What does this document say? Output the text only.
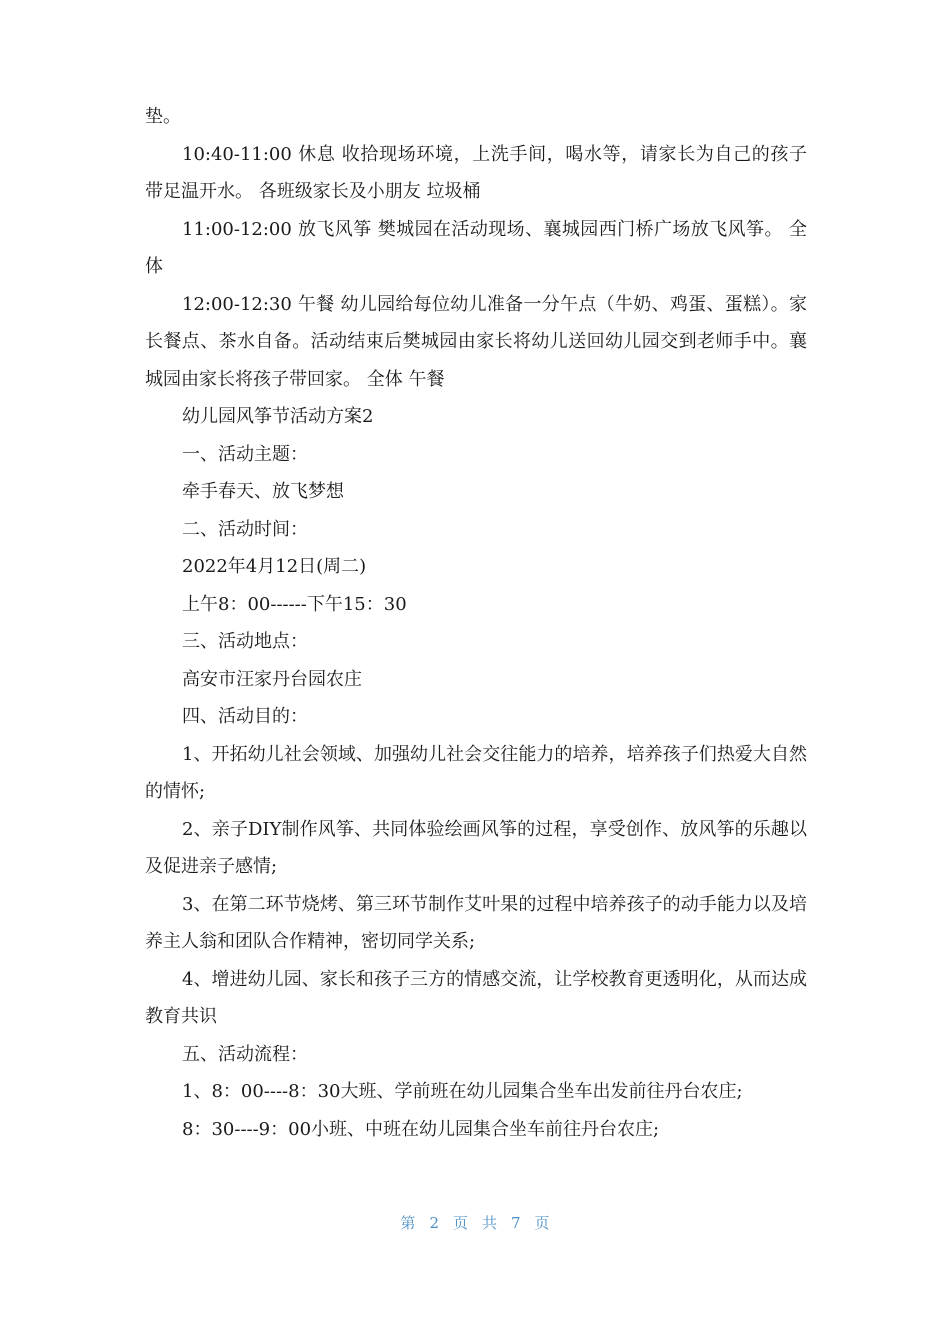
垫。

10:40-11:00 休息 收拾现场环境，上洗手间，喝水等，请家长为自己的孩子带足温开水。 各班级家长及小朋友 垃圾桶

11:00-12:00 放飞风筝 樊城园在活动现场、襄城园西门桥广场放飞风筝。 全体

12:00-12:30 午餐 幼儿园给每位幼儿准备一分午点（牛奶、鸡蛋、蛋糕）。家长餐点、茶水自备。活动结束后樊城园由家长将幼儿送回幼儿园交到老师手中。襄城园由家长将孩子带回家。 全体 午餐

幼儿园风筝节活动方案2

一、活动主题：

牵手春天、放飞梦想

二、活动时间：

2022年4月12日(周二)

上午8：00------下午15：30

三、活动地点：

高安市汪家丹台园农庄

四、活动目的：

1、开拓幼儿社会领域、加强幼儿社会交往能力的培养，培养孩子们热爱大自然的情怀;

2、亲子DIY制作风筝、共同体验绘画风筝的过程，享受创作、放风筝的乐趣以及促进亲子感情;

3、在第二环节烧烤、第三环节制作艾叶果的过程中培养孩子的动手能力以及培养主人翁和团队合作精神，密切同学关系;

4、增进幼儿园、家长和孩子三方的情感交流，让学校教育更透明化，从而达成教育共识

五、活动流程：

1、8：00----8：30大班、学前班在幼儿园集合坐车出发前往丹台农庄;

8：30----9：00小班、中班在幼儿园集合坐车前往丹台农庄;

第 2 页共7 页
